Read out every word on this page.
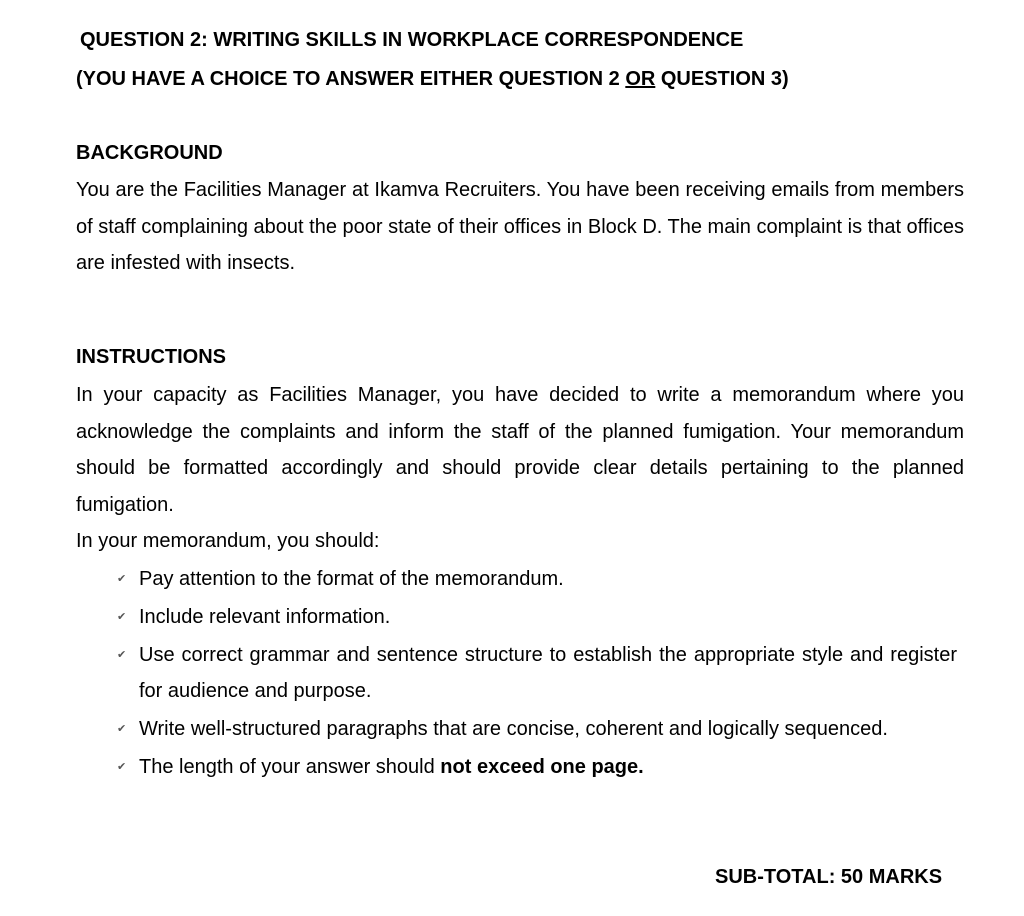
QUESTION 2: WRITING SKILLS IN WORKPLACE CORRESPONDENCE
(YOU HAVE A CHOICE TO ANSWER EITHER QUESTION 2 OR QUESTION 3)
BACKGROUND
You are the Facilities Manager at Ikamva Recruiters. You have been receiving emails from members of staff complaining about the poor state of their offices in Block D. The main complaint is that offices are infested with insects.
INSTRUCTIONS
In your capacity as Facilities Manager, you have decided to write a memorandum where you acknowledge the complaints and inform the staff of the planned fumigation. Your memorandum should be formatted accordingly and should provide clear details pertaining to the planned fumigation.
In your memorandum, you should:
✔ Pay attention to the format of the memorandum.
✔ Include relevant information.
✔ Use correct grammar and sentence structure to establish the appropriate style and register for audience and purpose.
✔ Write well-structured paragraphs that are concise, coherent and logically sequenced.
✔ The length of your answer should not exceed one page.
SUB-TOTAL: 50 MARKS
